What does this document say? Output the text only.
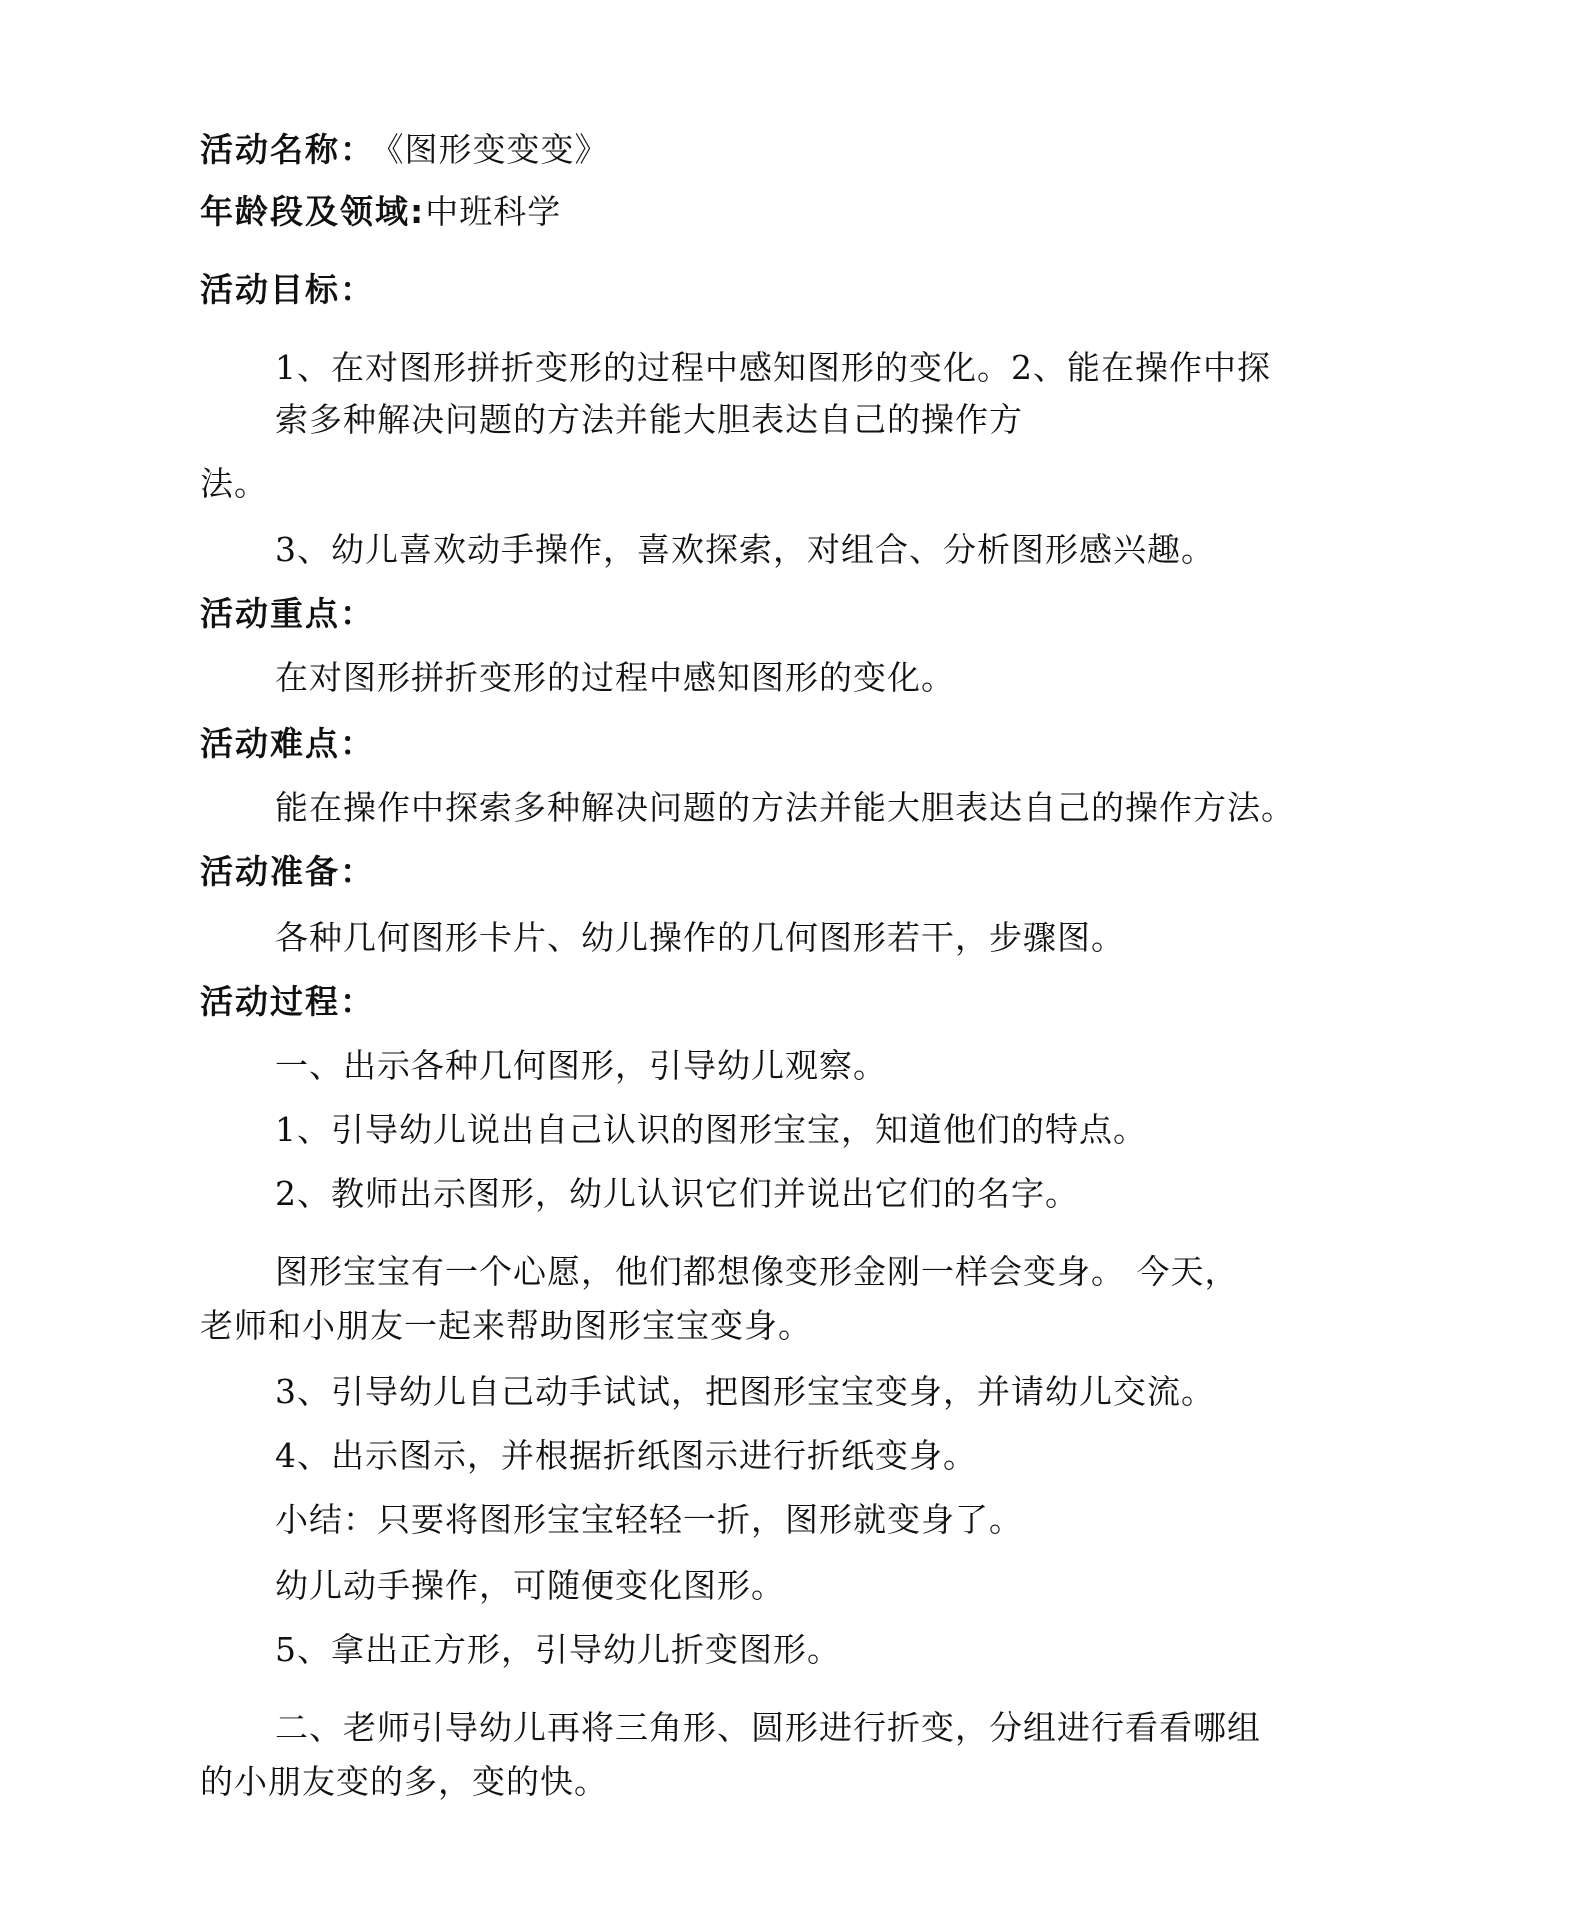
活动名称： 《图形变变变》
年龄段及领域:中班科学
活动目标：
1、在对图形拼折变形的过程中感知图形的变化。2、能在操作中探
索多种解决问题的方法并能大胆表达自己的操作方
法。
3、幼儿喜欢动手操作，喜欢探索，对组合、分析图形感兴趣。
活动重点：
在对图形拼折变形的过程中感知图形的变化。
活动难点：
能在操作中探索多种解决问题的方法并能大胆表达自己的操作方法。
活动准备：
各种几何图形卡片、幼儿操作的几何图形若干，步骤图。
活动过程：
一、出示各种几何图形，引导幼儿观察。
1、引导幼儿说出自己认识的图形宝宝，知道他们的特点。
2、教师出示图形，幼儿认识它们并说出它们的名字。
图形宝宝有一个心愿，他们都想像变形金刚一样会变身。 今天，
老师和小朋友一起来帮助图形宝宝变身。
3、引导幼儿自己动手试试，把图形宝宝变身，并请幼儿交流。
4、出示图示，并根据折纸图示进行折纸变身。
小结：只要将图形宝宝轻轻一折，图形就变身了。
幼儿动手操作，可随便变化图形。
5、拿出正方形，引导幼儿折变图形。
二、老师引导幼儿再将三角形、圆形进行折变，分组进行看看哪组
的小朋友变的多，变的快。
